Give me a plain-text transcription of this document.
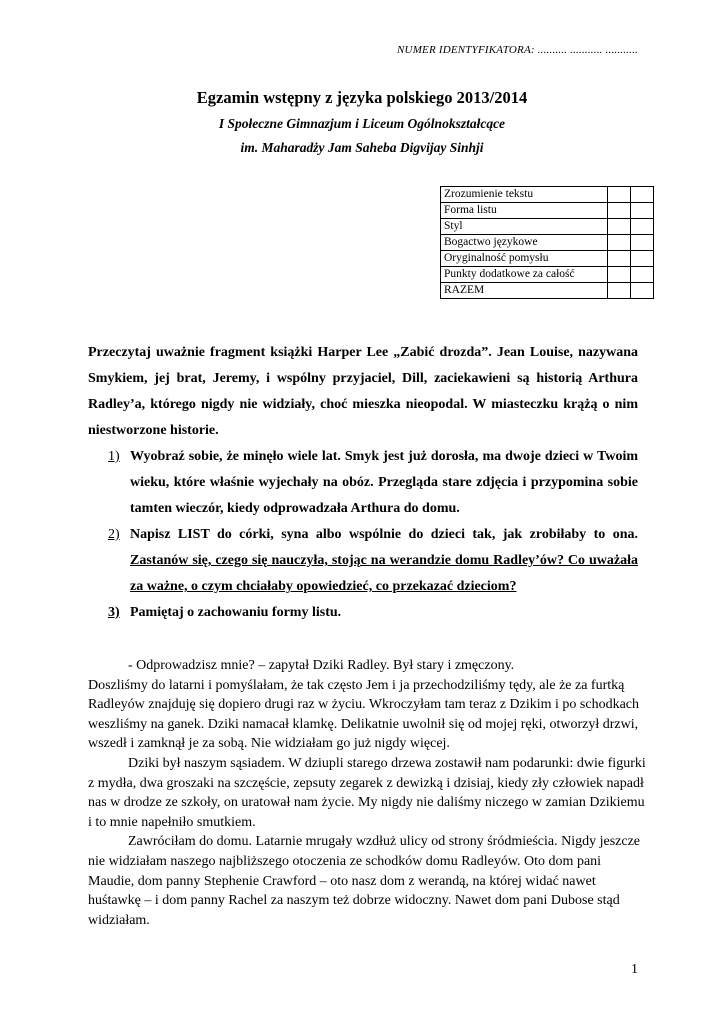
NUMER IDENTYFIKATORA: .......... ........... ...........
Egzamin wstępny z języka polskiego 2013/2014
I Społeczne Gimnazjum i Liceum Ogólnokształcące
im. Maharadży Jam Saheba Digvijay Sinhji
Zrozumienie tekstu		
Forma listu		
Styl		
Bogactwo językowe		
Oryginalność pomysłu		
Punkty dodatkowe za całość		
RAZEM		

Przeczytaj uważnie fragment książki Harper Lee „Zabić drozda”. Jean Louise, nazywana Smykiem, jej brat, Jeremy, i wspólny przyjaciel, Dill, zaciekawieni są historią Arthura Radley’a, którego nigdy nie widziały, choć mieszka nieopodal. W miasteczku krążą o nim niestworzone historie.

1) Wyobraź sobie, że minęło wiele lat. Smyk jest już dorosła, ma dwoje dzieci w Twoim wieku, które właśnie wyjechały na obóz. Przegląda stare zdjęcia i przypomina sobie tamten wieczór, kiedy odprowadzała Arthura do domu.
2) Napisz LIST do córki, syna albo wspólnie do dzieci tak, jak zrobiłaby to ona. Zastanów się, czego się nauczyła, stojąc na werandzie domu Radley’ów? Co uważała za ważne, o czym chciałaby opowiedzieć, co przekazać dzieciom?
3) Pamiętaj o zachowaniu formy listu.

- Odprowadzisz mnie? – zapytał Dziki Radley. Był stary i zmęczony.

Doszliśmy do latarni i pomyślałam, że tak często Jem i ja przechodziliśmy tędy, ale że za furtką Radleyów znajduję się dopiero drugi raz w życiu. Wkroczyłam tam teraz z Dzikim i po schodkach weszliśmy na ganek. Dziki namacał klamkę. Delikatnie uwolnił się od mojej ręki, otworzył drzwi, wszedł i zamknął je za sobą. Nie widziałam go już nigdy więcej.

Dziki był naszym sąsiadem. W dziupli starego drzewa zostawił nam podarunki: dwie figurki z mydła, dwa groszaki na szczęście, zepsuty zegarek z dewizką i dzisiaj, kiedy zły człowiek napadł nas w drodze ze szkoły, on uratował nam życie. My nigdy nie daliśmy niczego w zamian Dzikiemu i to mnie napełniło smutkiem.

Zawróciłam do domu. Latarnie mrugały wzdłuż ulicy od strony śródmieścia. Nigdy jeszcze nie widziałam naszego najbliższego otoczenia ze schodków domu Radleyów. Oto dom pani Maudie, dom panny Stephenie Crawford – oto nasz dom z werandą, na której widać nawet huśtawkę – i dom panny Rachel za naszym też dobrze widoczny. Nawet dom pani Dubose stąd widziałam.

1
